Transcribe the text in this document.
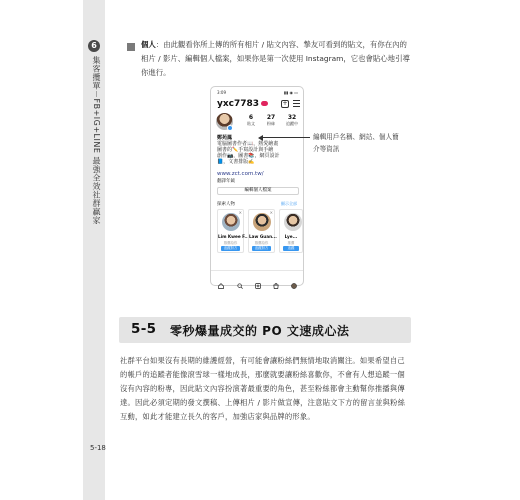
6
集客攬單－FB+IG+LINE 最強全效社群贏家
5-18
個人：由此觀看你所上傳的所有相片 / 貼文內容、摯友可看到的貼文，有你在內的相片 / 影片、編輯個人檔案，如果你是第一次使用 Instagram，它也會貼心地引導你進行。
3:09	▮▮ ◉ ▭
yxc7783	+
6
貼文
27
粉絲
32
追蹤中
鄭苑鳳
電腦圖書作者📖，熱愛繪畫
圖書的✏️手寫設計與手繪
創作📷，圖書📚，網頁設計
📘，文書排版✍️
www.zct.com.tw/
翻譯年鉞
編輯個人檔案
探索人物	顯示全部
✕
Lim Kwee F...
推薦給你
追蹤對方
✕
Law Guan...
推薦給你
追蹤對方
Lye...
推薦
追蹤
編輯用戶名稱、網站、個人簡介等資訊
5-5 零秒爆量成交的 PO 文速成心法
社群平台如果沒有長期的維護經營，有可能會讓粉絲們無情地取消關注。如果希望自己的帳戶的追蹤者能像滾雪球一樣地成長，那麼就要讓粉絲喜歡你，不會有人想追蹤一個沒有內容的粉專，因此貼文內容扮演著最重要的角色，甚至粉絲都會主動幫你推播與傳達。因此必須定期的發文撰稿、上傳相片 / 影片做宣傳，注意貼文下方的留言並與粉絲互動，如此才能建立長久的客戶，加強店家與品牌的形象。
